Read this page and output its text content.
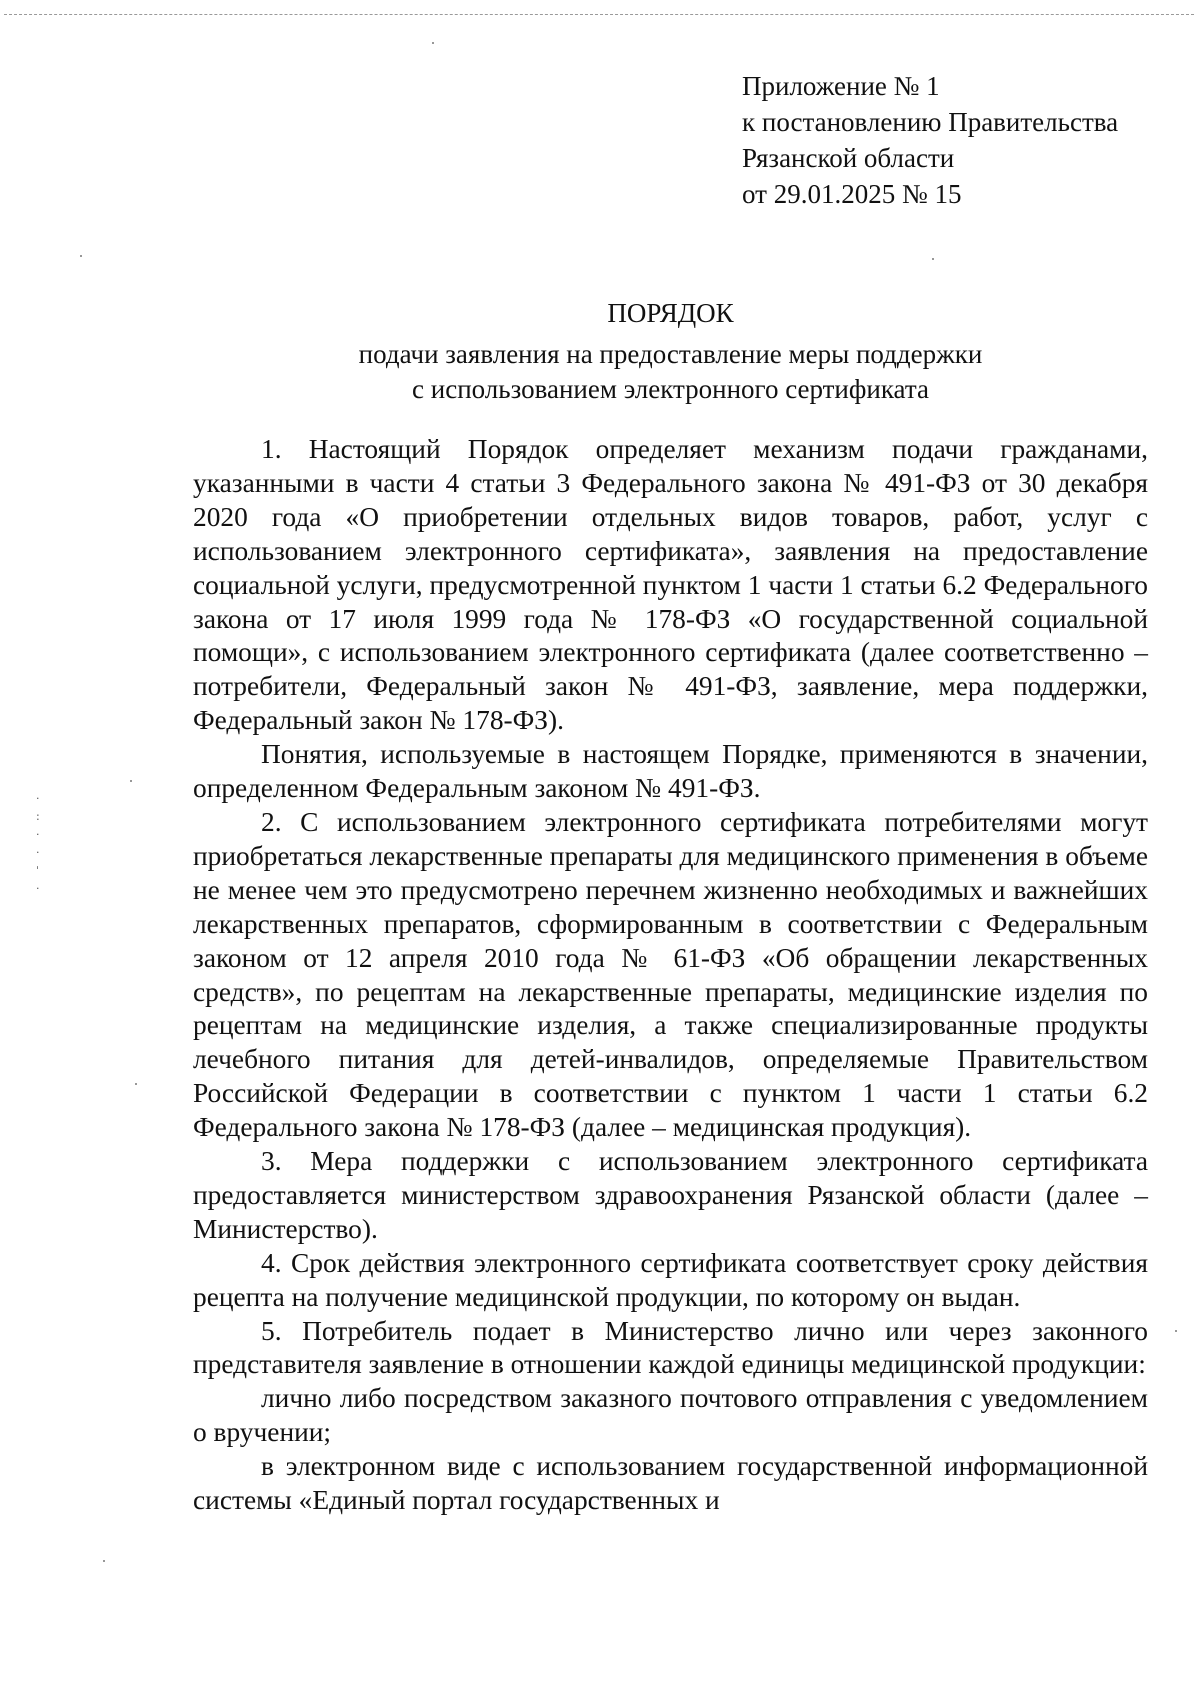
Приложение № 1
к постановлению Правительства
Рязанской области
от 29.01.2025 № 15
ПОРЯДОК
подачи заявления на предоставление меры поддержки
с использованием электронного сертификата

1. Настоящий Порядок определяет механизм подачи гражданами, указанными в части 4 статьи 3 Федерального закона № 491-ФЗ от 30 декабря 2020 года «О приобретении отдельных видов товаров, работ, услуг с использованием электронного сертификата», заявления на предоставление социальной услуги, предусмотренной пунктом 1 части 1 статьи 6.2 Федерального закона от 17 июля 1999 года № 178-ФЗ «О государственной социальной помощи», с использованием электронного сертификата (далее соответственно – потребители, Федеральный закон № 491-ФЗ, заявление, мера поддержки, Федеральный закон № 178-ФЗ).

Понятия, используемые в настоящем Порядке, применяются в значении, определенном Федеральным законом № 491-ФЗ.

2. С использованием электронного сертификата потребителями могут приобретаться лекарственные препараты для медицинского применения в объеме не менее чем это предусмотрено перечнем жизненно необходимых и важнейших лекарственных препаратов, сформированным в соответствии с Федеральным законом от 12 апреля 2010 года № 61-ФЗ «Об обращении лекарственных средств», по рецептам на лекарственные препараты, медицинские изделия по рецептам на медицинские изделия, а также специализированные продукты лечебного питания для детей-инвалидов, определяемые Правительством Российской Федерации в соответствии с пунктом 1 части 1 статьи 6.2 Федерального закона № 178-ФЗ (далее – медицинская продукция).

3. Мера поддержки с использованием электронного сертификата предоставляется министерством здравоохранения Рязанской области (далее – Министерство).

4. Срок действия электронного сертификата соответствует сроку действия рецепта на получение медицинской продукции, по которому он выдан.

5. Потребитель подает в Министерство лично или через законного представителя заявление в отношении каждой единицы медицинской продукции:

лично либо посредством заказного почтового отправления с уведомлением о вручении;

в электронном виде с использованием государственной информационной системы «Единый портал государственных и

·
:
·
·
ˈ
·
